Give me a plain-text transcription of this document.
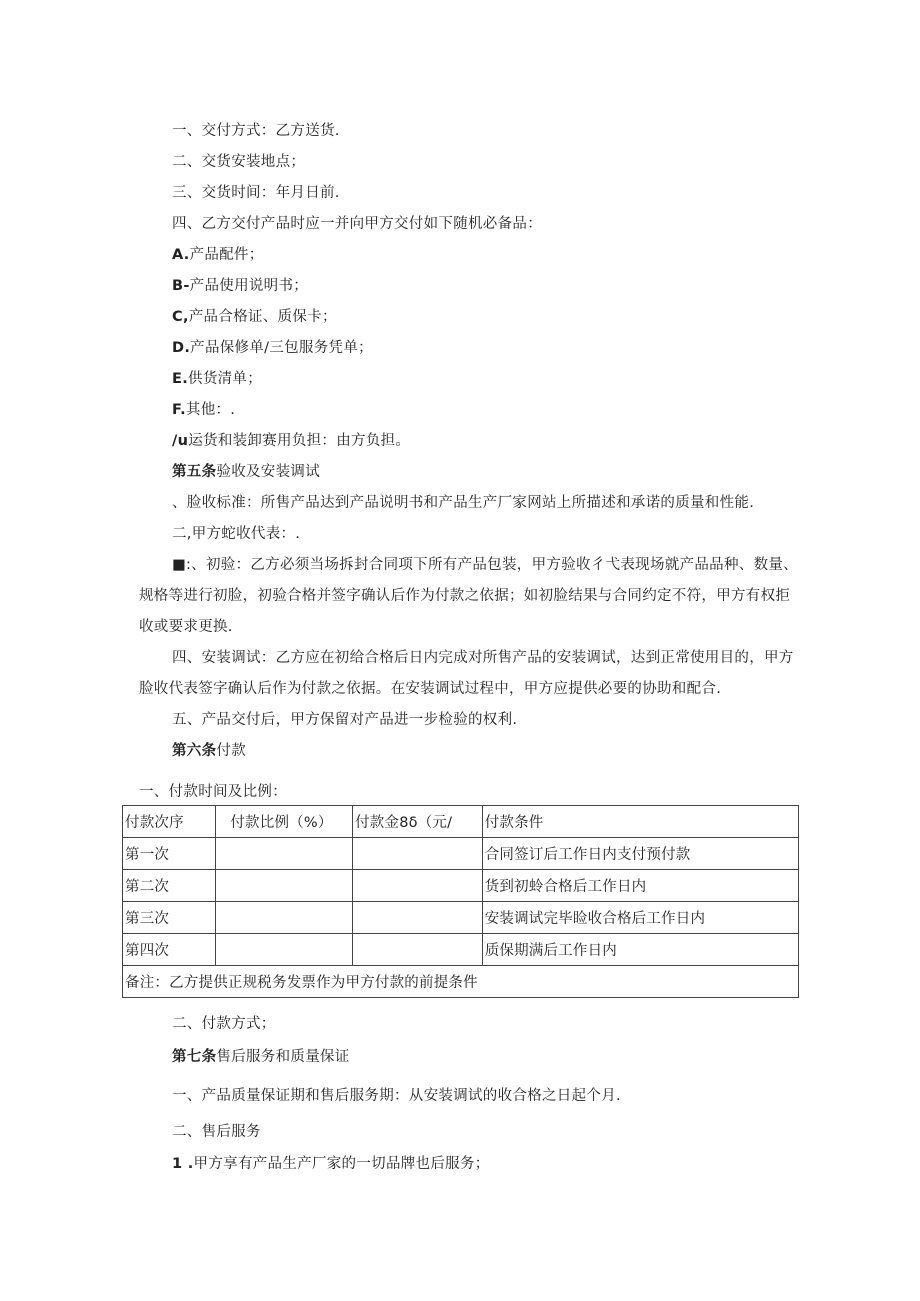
一、交付方式：乙方送货.
二、交货安装地点；
三、交货时间：年月日前.
四、乙方交付产品时应一并向甲方交付如下随机必备品：
A.产品配件；
B-产品使用说明书；
C,产品合格证、质保卡；
D.产品保修单/三包服务凭单；
E.供货清单；
F.其他：.
/u运货和装卸赛用负担：由方负担。
第五条验收及安装调试
、脸收标准：所售产品达到产品说明书和产品生产厂家网站上所描述和承诺的质量和性能.
二,甲方蛇收代表：.
■:、初验：乙方必须当场拆封合同项下所有产品包装，甲方验收彳弋表现场就产品品种、数量、
规格等进行初脸，初验合格并签字确认后作为付款之依据；如初脸结果与合同约定不符，甲方有权拒
收或要求更换.
四、安装调试：乙方应在初给合格后日内完成对所售产品的安装调试，达到正常使用目的，甲方
脸收代表签字确认后作为付款之依据。在安装调试过程中，甲方应提供必要的协助和配合.
五、产品交付后，甲方保留对产品进一步检验的权利.
第六条付款
一、付款时间及比例：
付款次序	付款比例（%）	付款金8δ（元/	付款条件
第一次			合同签订后工作日内支付预付款
第二次			货到初蛉合格后工作日内
第三次			安装调试完毕睑收合格后工作日内
第四次			质保期满后工作日内
备注：乙方提供正规税务发票作为甲方付款的前提条件			
二、付款方式；
第七条售后服务和质量保证
一、产品质量保证期和售后服务期：从安装调试的收合格之日起个月.
二、售后服务
1 .甲方享有产品生产厂家的一切品牌也后服务；
